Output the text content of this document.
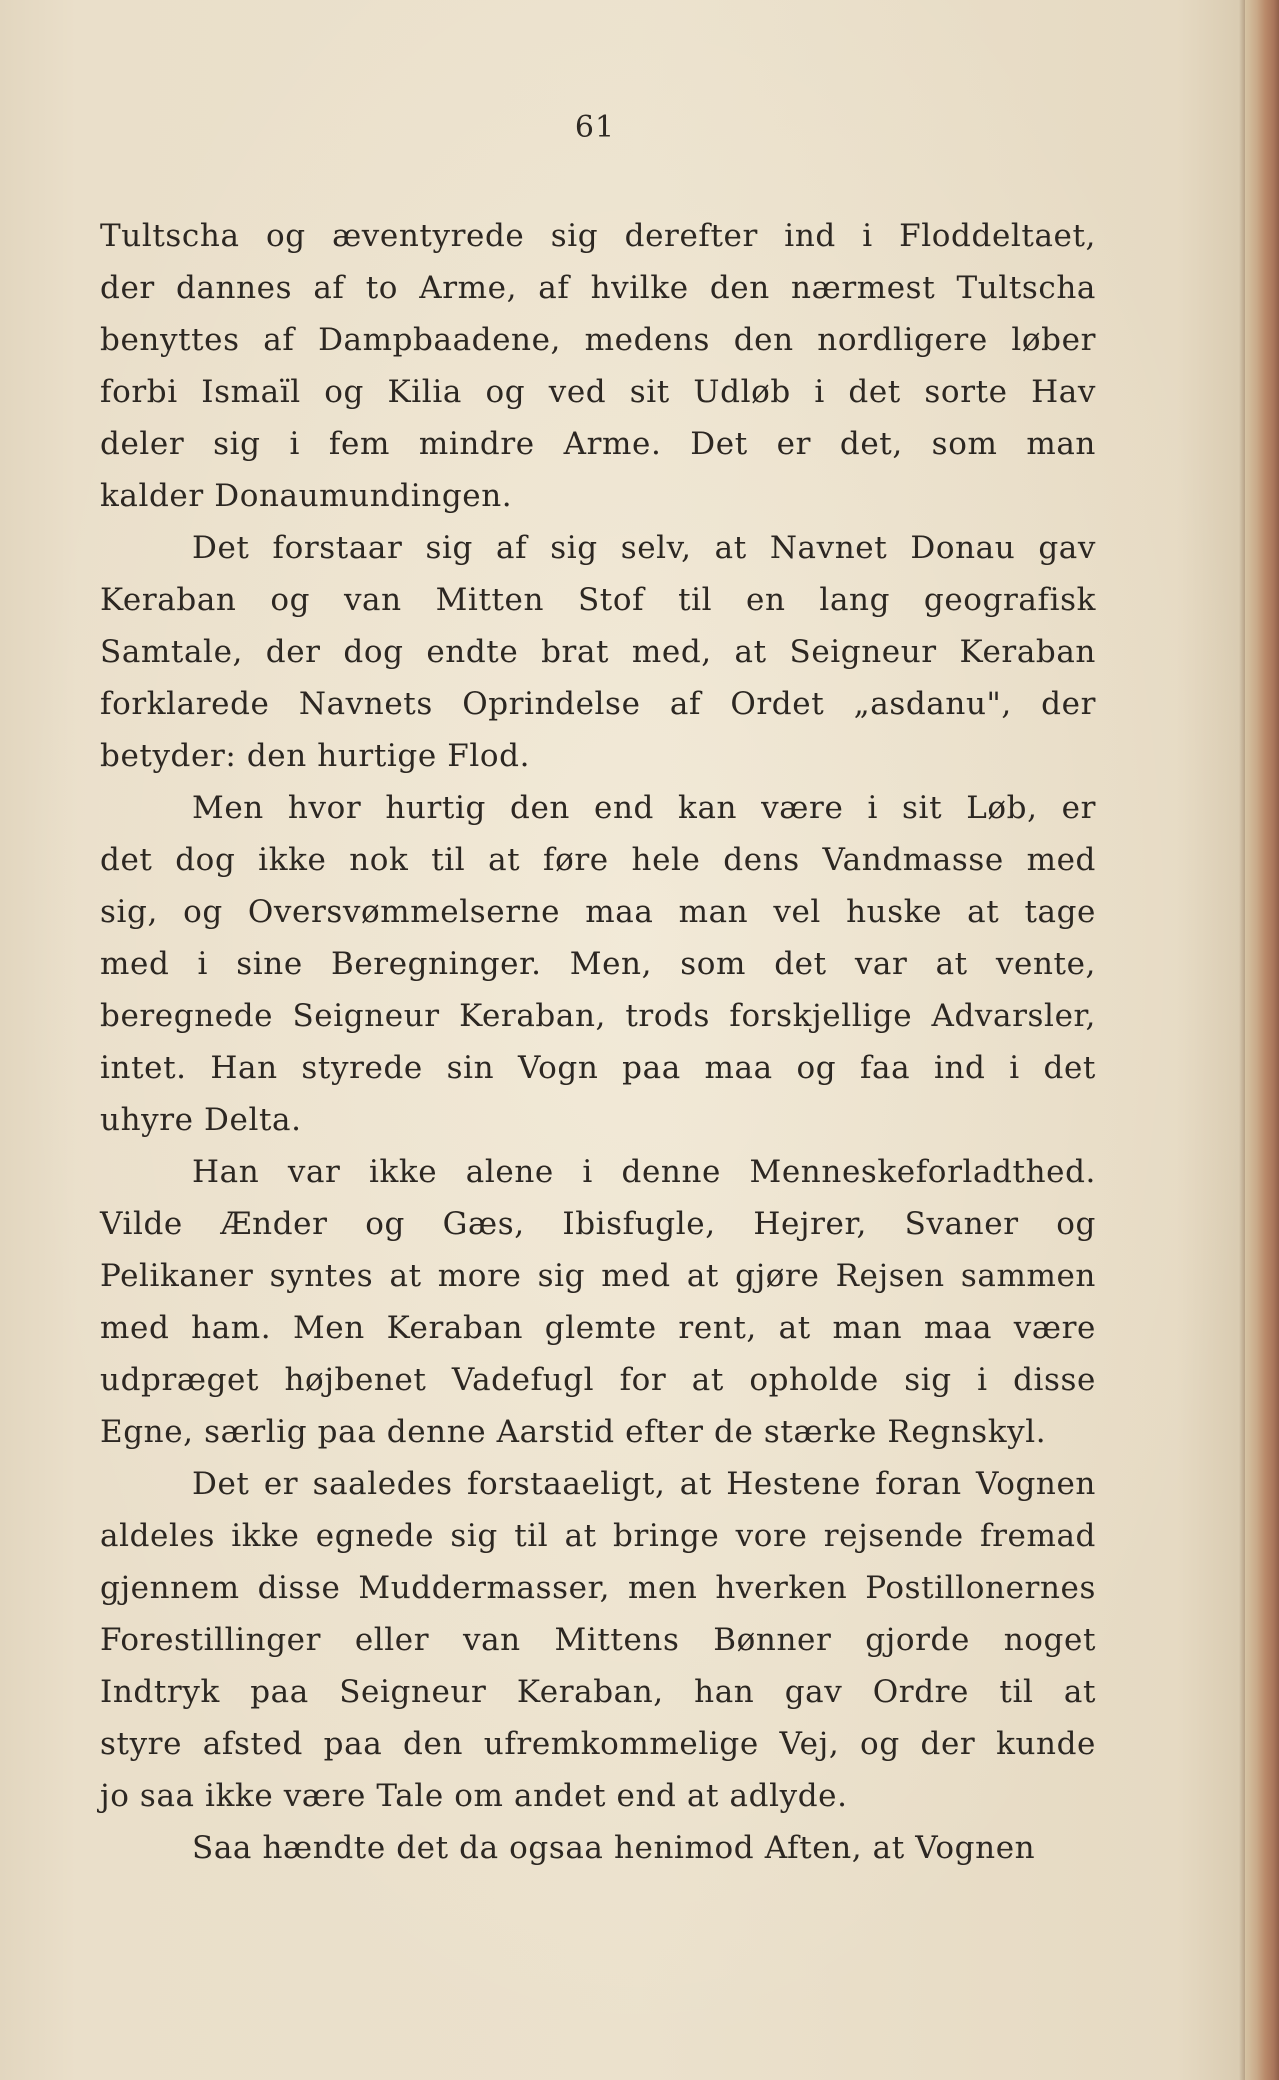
61
Tultscha og æventyrede sig derefter ind i Floddeltaet,
der dannes af to Arme, af hvilke den nærmest Tultscha
benyttes af Dampbaadene, medens den nordligere løber
forbi Ismaïl og Kilia og ved sit Udløb i det sorte Hav
deler sig i fem mindre Arme. Det er det, som man
kalder Donaumundingen.
Det forstaar sig af sig selv, at Navnet Donau gav
Keraban og van Mitten Stof til en lang geografisk
Samtale, der dog endte brat med, at Seigneur Keraban
forklarede Navnets Oprindelse af Ordet „asdanu", der
betyder: den hurtige Flod.
Men hvor hurtig den end kan være i sit Løb, er
det dog ikke nok til at føre hele dens Vandmasse med
sig, og Oversvømmelserne maa man vel huske at tage
med i sine Beregninger. Men, som det var at vente,
beregnede Seigneur Keraban, trods forskjellige Advarsler,
intet. Han styrede sin Vogn paa maa og faa ind i det
uhyre Delta.
Han var ikke alene i denne Menneskeforladthed.
Vilde Ænder og Gæs, Ibisfugle, Hejrer, Svaner og
Pelikaner syntes at more sig med at gjøre Rejsen sammen
med ham. Men Keraban glemte rent, at man maa være
udpræget højbenet Vadefugl for at opholde sig i disse
Egne, særlig paa denne Aarstid efter de stærke Regnskyl.
Det er saaledes forstaaeligt, at Hestene foran Vognen
aldeles ikke egnede sig til at bringe vore rejsende fremad
gjennem disse Muddermasser, men hverken Postillonernes
Forestillinger eller van Mittens Bønner gjorde noget
Indtryk paa Seigneur Keraban, han gav Ordre til at
styre afsted paa den ufremkommelige Vej, og der kunde
jo saa ikke være Tale om andet end at adlyde.
Saa hændte det da ogsaa henimod Aften, at Vognen
